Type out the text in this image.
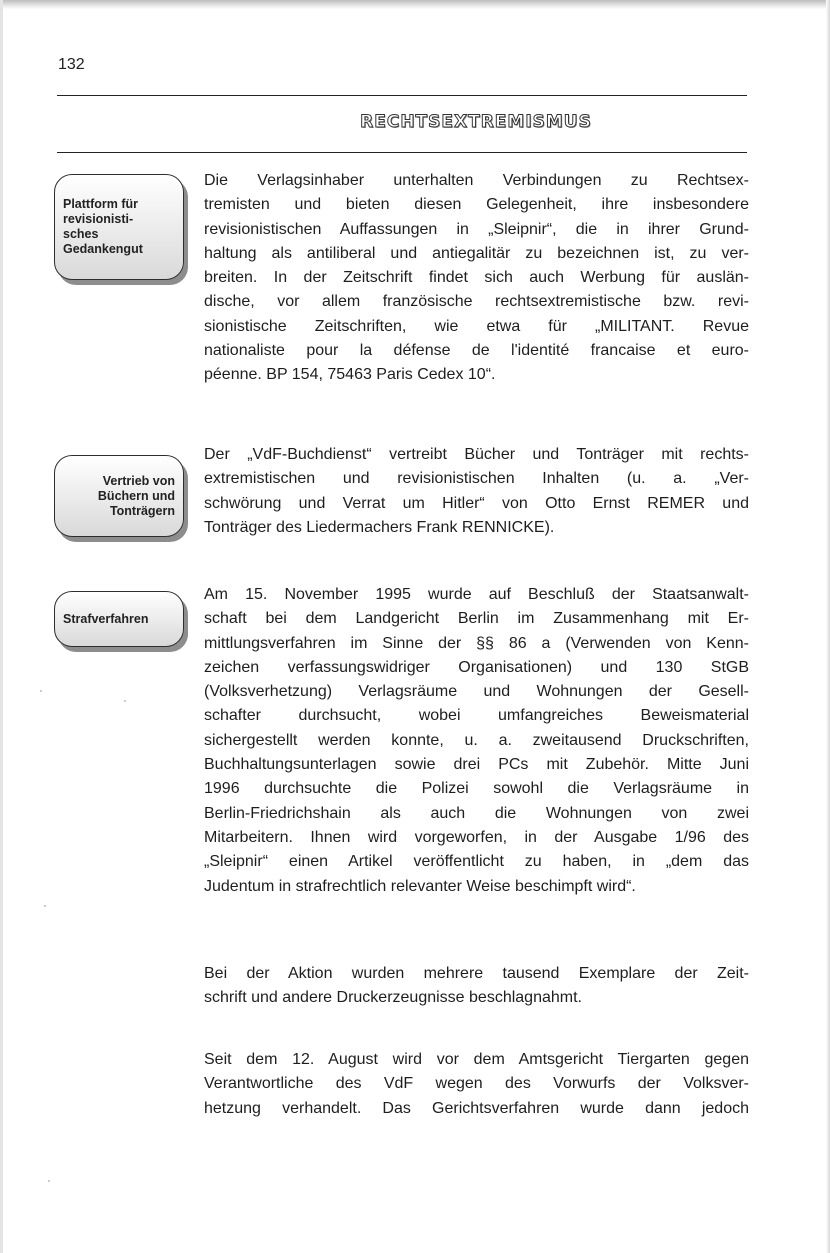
132
RECHTSEXTREMISMUS
Plattform für
revisionisti-
sches
Gedankengut
Vertrieb von
Büchern und
Tonträgern
Strafverfahren
Die Verlagsinhaber unterhalten Verbindungen zu Rechtsex-
tremisten und bieten diesen Gelegenheit, ihre insbesondere
revisionistischen Auffassungen in „Sleipnir“, die in ihrer Grund-
haltung als antiliberal und antiegalitär zu bezeichnen ist, zu ver-
breiten. In der Zeitschrift findet sich auch Werbung für auslän-
dische, vor allem französische rechtsextremistische bzw. revi-
sionistische Zeitschriften, wie etwa für „MILITANT. Revue
nationaliste pour la défense de l'identité francaise et euro-
péenne. BP 154, 75463 Paris Cedex 10“.
Der „VdF-Buchdienst“ vertreibt Bücher und Tonträger mit rechts-
extremistischen und revisionistischen Inhalten (u. a. „Ver-
schwörung und Verrat um Hitler“ von Otto Ernst REMER und
Tonträger des Liedermachers Frank RENNICKE).
Am 15. November 1995 wurde auf Beschluß der Staatsanwalt-
schaft bei dem Landgericht Berlin im Zusammenhang mit Er-
mittlungsverfahren im Sinne der §§ 86 a (Verwenden von Kenn-
zeichen verfassungswidriger Organisationen) und 130 StGB
(Volksverhetzung) Verlagsräume und Wohnungen der Gesell-
schafter durchsucht, wobei umfangreiches Beweismaterial
sichergestellt werden konnte, u. a. zweitausend Druckschriften,
Buchhaltungsunterlagen sowie drei PCs mit Zubehör. Mitte Juni
1996 durchsuchte die Polizei sowohl die Verlagsräume in
Berlin-Friedrichshain als auch die Wohnungen von zwei
Mitarbeitern. Ihnen wird vorgeworfen, in der Ausgabe 1/96 des
„Sleipnir“ einen Artikel veröffentlicht zu haben, in „dem das
Judentum in strafrechtlich relevanter Weise beschimpft wird“.
Bei der Aktion wurden mehrere tausend Exemplare der Zeit-
schrift und andere Druckerzeugnisse beschlagnahmt.
Seit dem 12. August wird vor dem Amtsgericht Tiergarten gegen
Verantwortliche des VdF wegen des Vorwurfs der Volksver-
hetzung verhandelt. Das Gerichtsverfahren wurde dann jedoch
